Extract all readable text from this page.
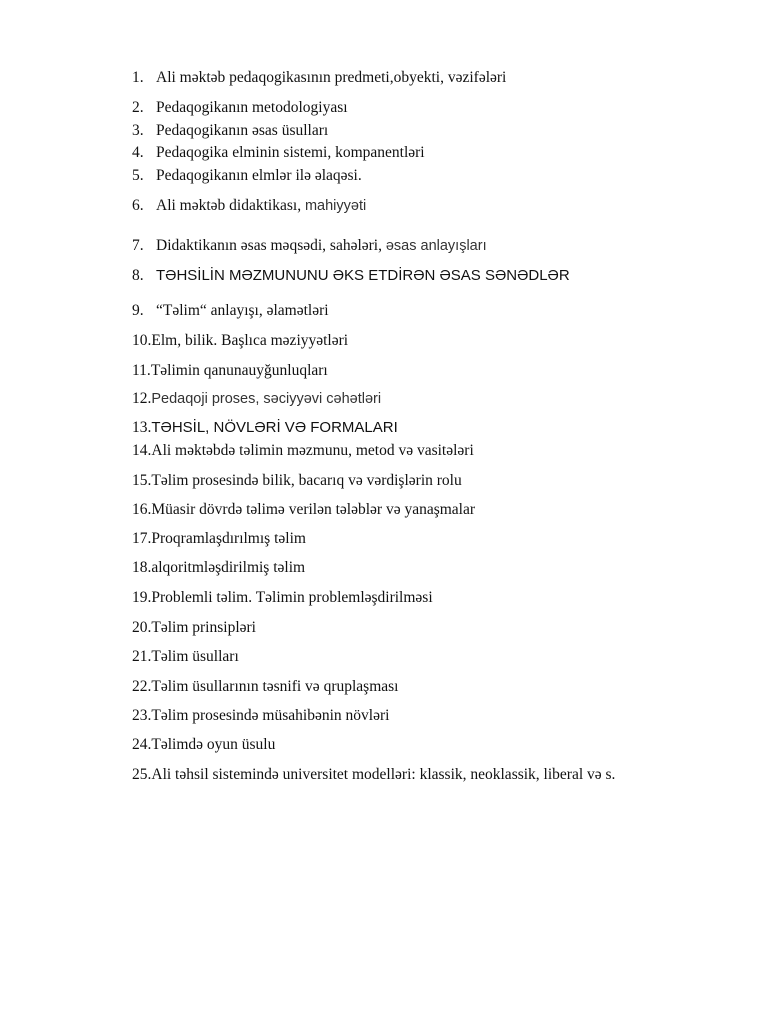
1. Ali məktəb pedaqogikasının predmeti,obyekti, vəzifələri
2. Pedaqogikanın metodologiyası
3. Pedaqogikanın əsas üsulları
4. Pedaqogika elminin sistemi, kompanentləri
5. Pedaqogikanın elmlər ilə əlaqəsi.
6. Ali məktəb didaktikası, mahiyyəti
7. Didaktikanın əsas məqsədi, sahələri, əsas anlayışları
8. TƏHSİLİN MƏZMUNUNU ƏKS ETDİRƏN ƏSAS SƏNƏDLƏR
9. “Təlim“ anlayışı, əlamətləri
10.Elm, bilik. Başlıca məziyyətləri
11.Təlimin qanunauyğunluqları
12.Pedaqoji proses, səciyyəvi cəhətləri
13.TƏHSİL, NÖVLƏRİ VƏ FORMALARI
14.Ali məktəbdə təlimin məzmunu, metod və vasitələri
15.Təlim prosesində bilik, bacarıq və vərdişlərin rolu
16.Müasir dövrdə təlimə verilən tələblər və yanaşmalar
17.Proqramlaşdırılmış təlim
18.alqoritmləşdirilmiş təlim
19.Problemli təlim. Təlimin problemləşdirilməsi
20.Təlim prinsipləri
21.Təlim üsulları
22.Təlim üsullarının təsnifi və qruplaşması
23.Təlim prosesində müsahibənin növləri
24.Təlimdə oyun üsulu
25.Ali təhsil sistemində universitet modelləri: klassik, neoklassik, liberal və s.
